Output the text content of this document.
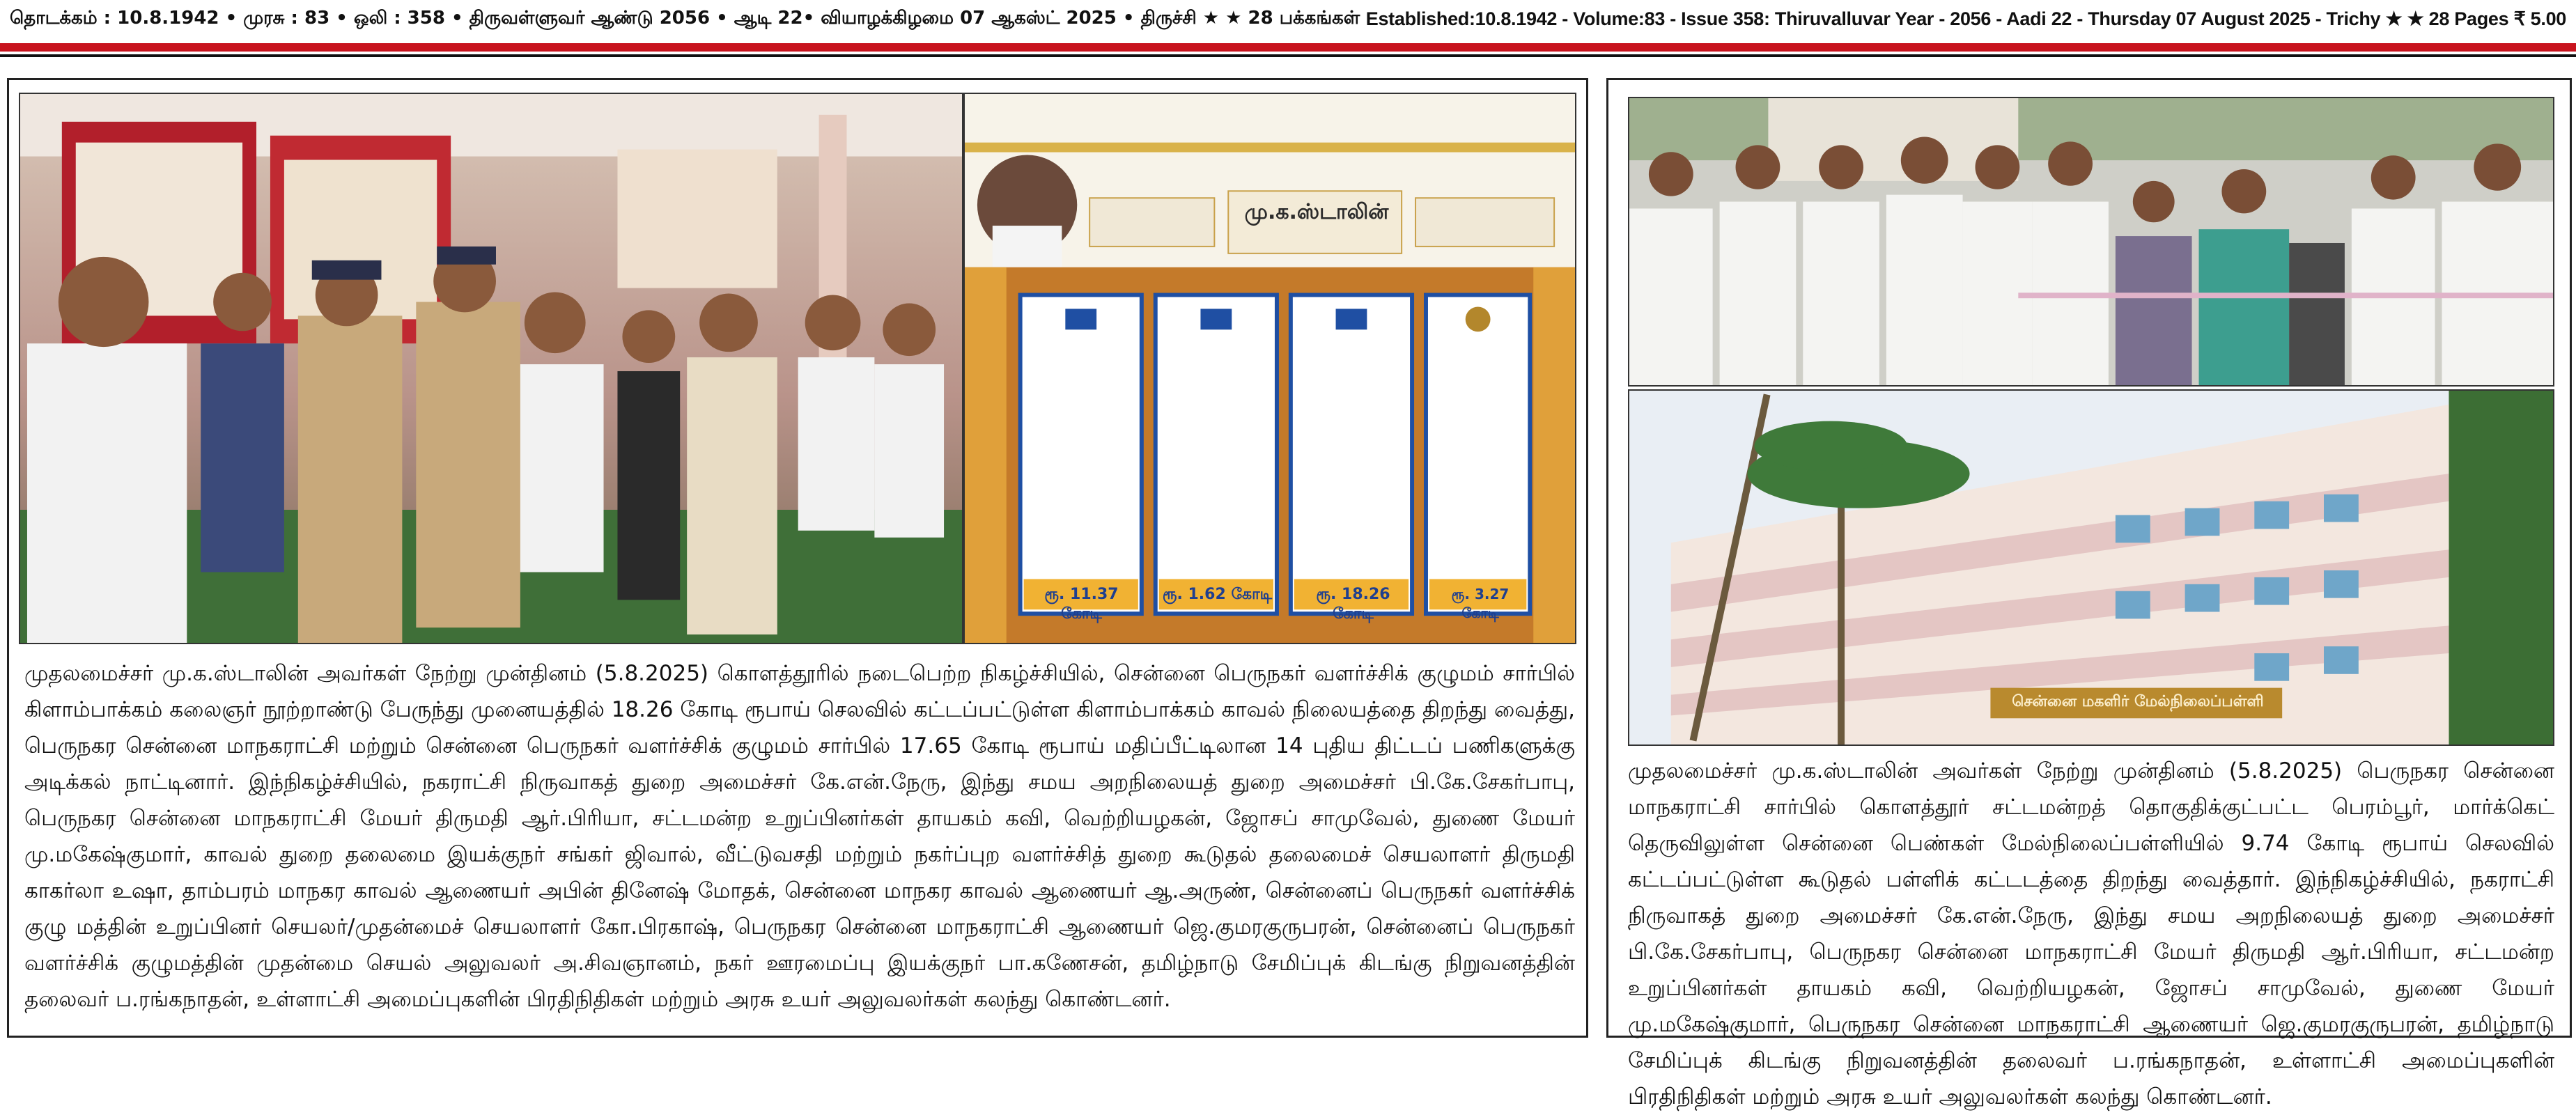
தொடக்கம் : 10.8.1942 • முரசு : 83 • ஒலி : 358 • திருவள்ளுவர் ஆண்டு 2056 • ஆடி 22• வியாழக்கிழமை 07 ஆகஸ்ட் 2025 • திருச்சி ★ ★ 28 பக்கங்கள் Established:10.8.1942 - Volume:83 - Issue 358: Thiruvalluvar Year - 2056 - Aadi 22 - Thursday 07 August 2025 - Trichy ★ ★ 28 Pages ₹ 5.00
மு.க.ஸ்டாலின்
ரூ. 11.37 கோடி
ரூ. 1.62 கோடி	ரூ. 18.26 கோடி
ரூ. 3.27 கோடி
முதலமைச்சர் மு.க.ஸ்டாலின் அவர்கள் நேற்று முன்தினம் (5.8.2025) கொளத்தூரில் நடைபெற்ற நிகழ்ச்சியில், சென்னை பெருநகர் வளர்ச்சிக் குழுமம் சார்பில் கிளாம்பாக்கம் கலைஞர் நூற்றாண்டு பேருந்து முனையத்தில் 18.26 கோடி ரூபாய் செலவில் கட்டப்பட்டுள்ள கிளாம்பாக்கம் காவல் நிலையத்தை திறந்து வைத்து, பெருநகர சென்னை மாநகராட்சி மற்றும் சென்னை பெருநகர் வளர்ச்சிக் குழுமம் சார்பில் 17.65 கோடி ரூபாய் மதிப்பீட்டிலான 14 புதிய திட்டப் பணிகளுக்கு அடிக்கல் நாட்டினார். இந்நிகழ்ச்சியில், நகராட்சி நிருவாகத் துறை அமைச்சர் கே.என்.நேரு, இந்து சமய அறநிலையத் துறை அமைச்சர் பி.கே.சேகர்பாபு, பெருநகர சென்னை மாநகராட்சி மேயர் திருமதி ஆர்.பிரியா, சட்டமன்ற உறுப்பினர்கள் தாயகம் கவி, வெற்றியழகன், ஜோசப் சாமுவேல், துணை மேயர் மு.மகேஷ்குமார், காவல் துறை தலைமை இயக்குநர் சங்கர் ஜிவால், வீட்டுவசதி மற்றும் நகர்ப்புற வளர்ச்சித் துறை கூடுதல் தலைமைச் செயலாளர் திருமதி காகர்லா உஷா, தாம்பரம் மாநகர காவல் ஆணையர் அபின் தினேஷ் மோதக், சென்னை மாநகர காவல் ஆணையர் ஆ.அருண், சென்னைப் பெருநகர் வளர்ச்சிக் குழு மத்தின் உறுப்பினர் செயலர்/முதன்மைச் செயலாளர் கோ.பிரகாஷ், பெருநகர சென்னை மாநகராட்சி ஆணையர் ஜெ.குமரகுருபரன், சென்னைப் பெருநகர் வளர்ச்சிக் குழுமத்தின் முதன்மை செயல் அலுவலர் அ.சிவஞானம், நகர் ஊரமைப்பு இயக்குநர் பா.கணேசன், தமிழ்நாடு சேமிப்புக் கிடங்கு நிறுவனத்தின் தலைவர் ப.ரங்கநாதன், உள்ளாட்சி அமைப்புகளின் பிரதிநிதிகள் மற்றும் அரசு உயர் அலுவலர்கள் கலந்து கொண்டனர்.
சென்னை மகளிர் மேல்நிலைப்பள்ளி
முதலமைச்சர் மு.க.ஸ்டாலின் அவர்கள் நேற்று முன்தினம் (5.8.2025) பெருநகர சென்னை மாநகராட்சி சார்பில் கொளத்தூர் சட்டமன்றத் தொகுதிக்குட்பட்ட பெரம்பூர், மார்க்கெட் தெருவிலுள்ள சென்னை பெண்கள் மேல்நிலைப்பள்ளியில் 9.74 கோடி ரூபாய் செலவில் கட்டப்பட்டுள்ள கூடுதல் பள்ளிக் கட்டடத்தை திறந்து வைத்தார். இந்நிகழ்ச்சியில், நகராட்சி நிருவாகத் துறை அமைச்சர் கே.என்.நேரு, இந்து சமய அறநிலையத் துறை அமைச்சர் பி.கே.சேகர்பாபு, பெருநகர சென்னை மாநகராட்சி மேயர் திருமதி ஆர்.பிரியா, சட்டமன்ற உறுப்பினர்கள் தாயகம் கவி, வெற்றியழகன், ஜோசப் சாமுவேல், துணை மேயர் மு.மகேஷ்குமார், பெருநகர சென்னை மாநகராட்சி ஆணையர் ஜெ.குமரகுருபரன், தமிழ்நாடு சேமிப்புக் கிடங்கு நிறுவனத்தின் தலைவர் ப.ரங்கநாதன், உள்ளாட்சி அமைப்புகளின் பிரதிநிதிகள் மற்றும் அரசு உயர் அலுவலர்கள் கலந்து கொண்டனர்.
